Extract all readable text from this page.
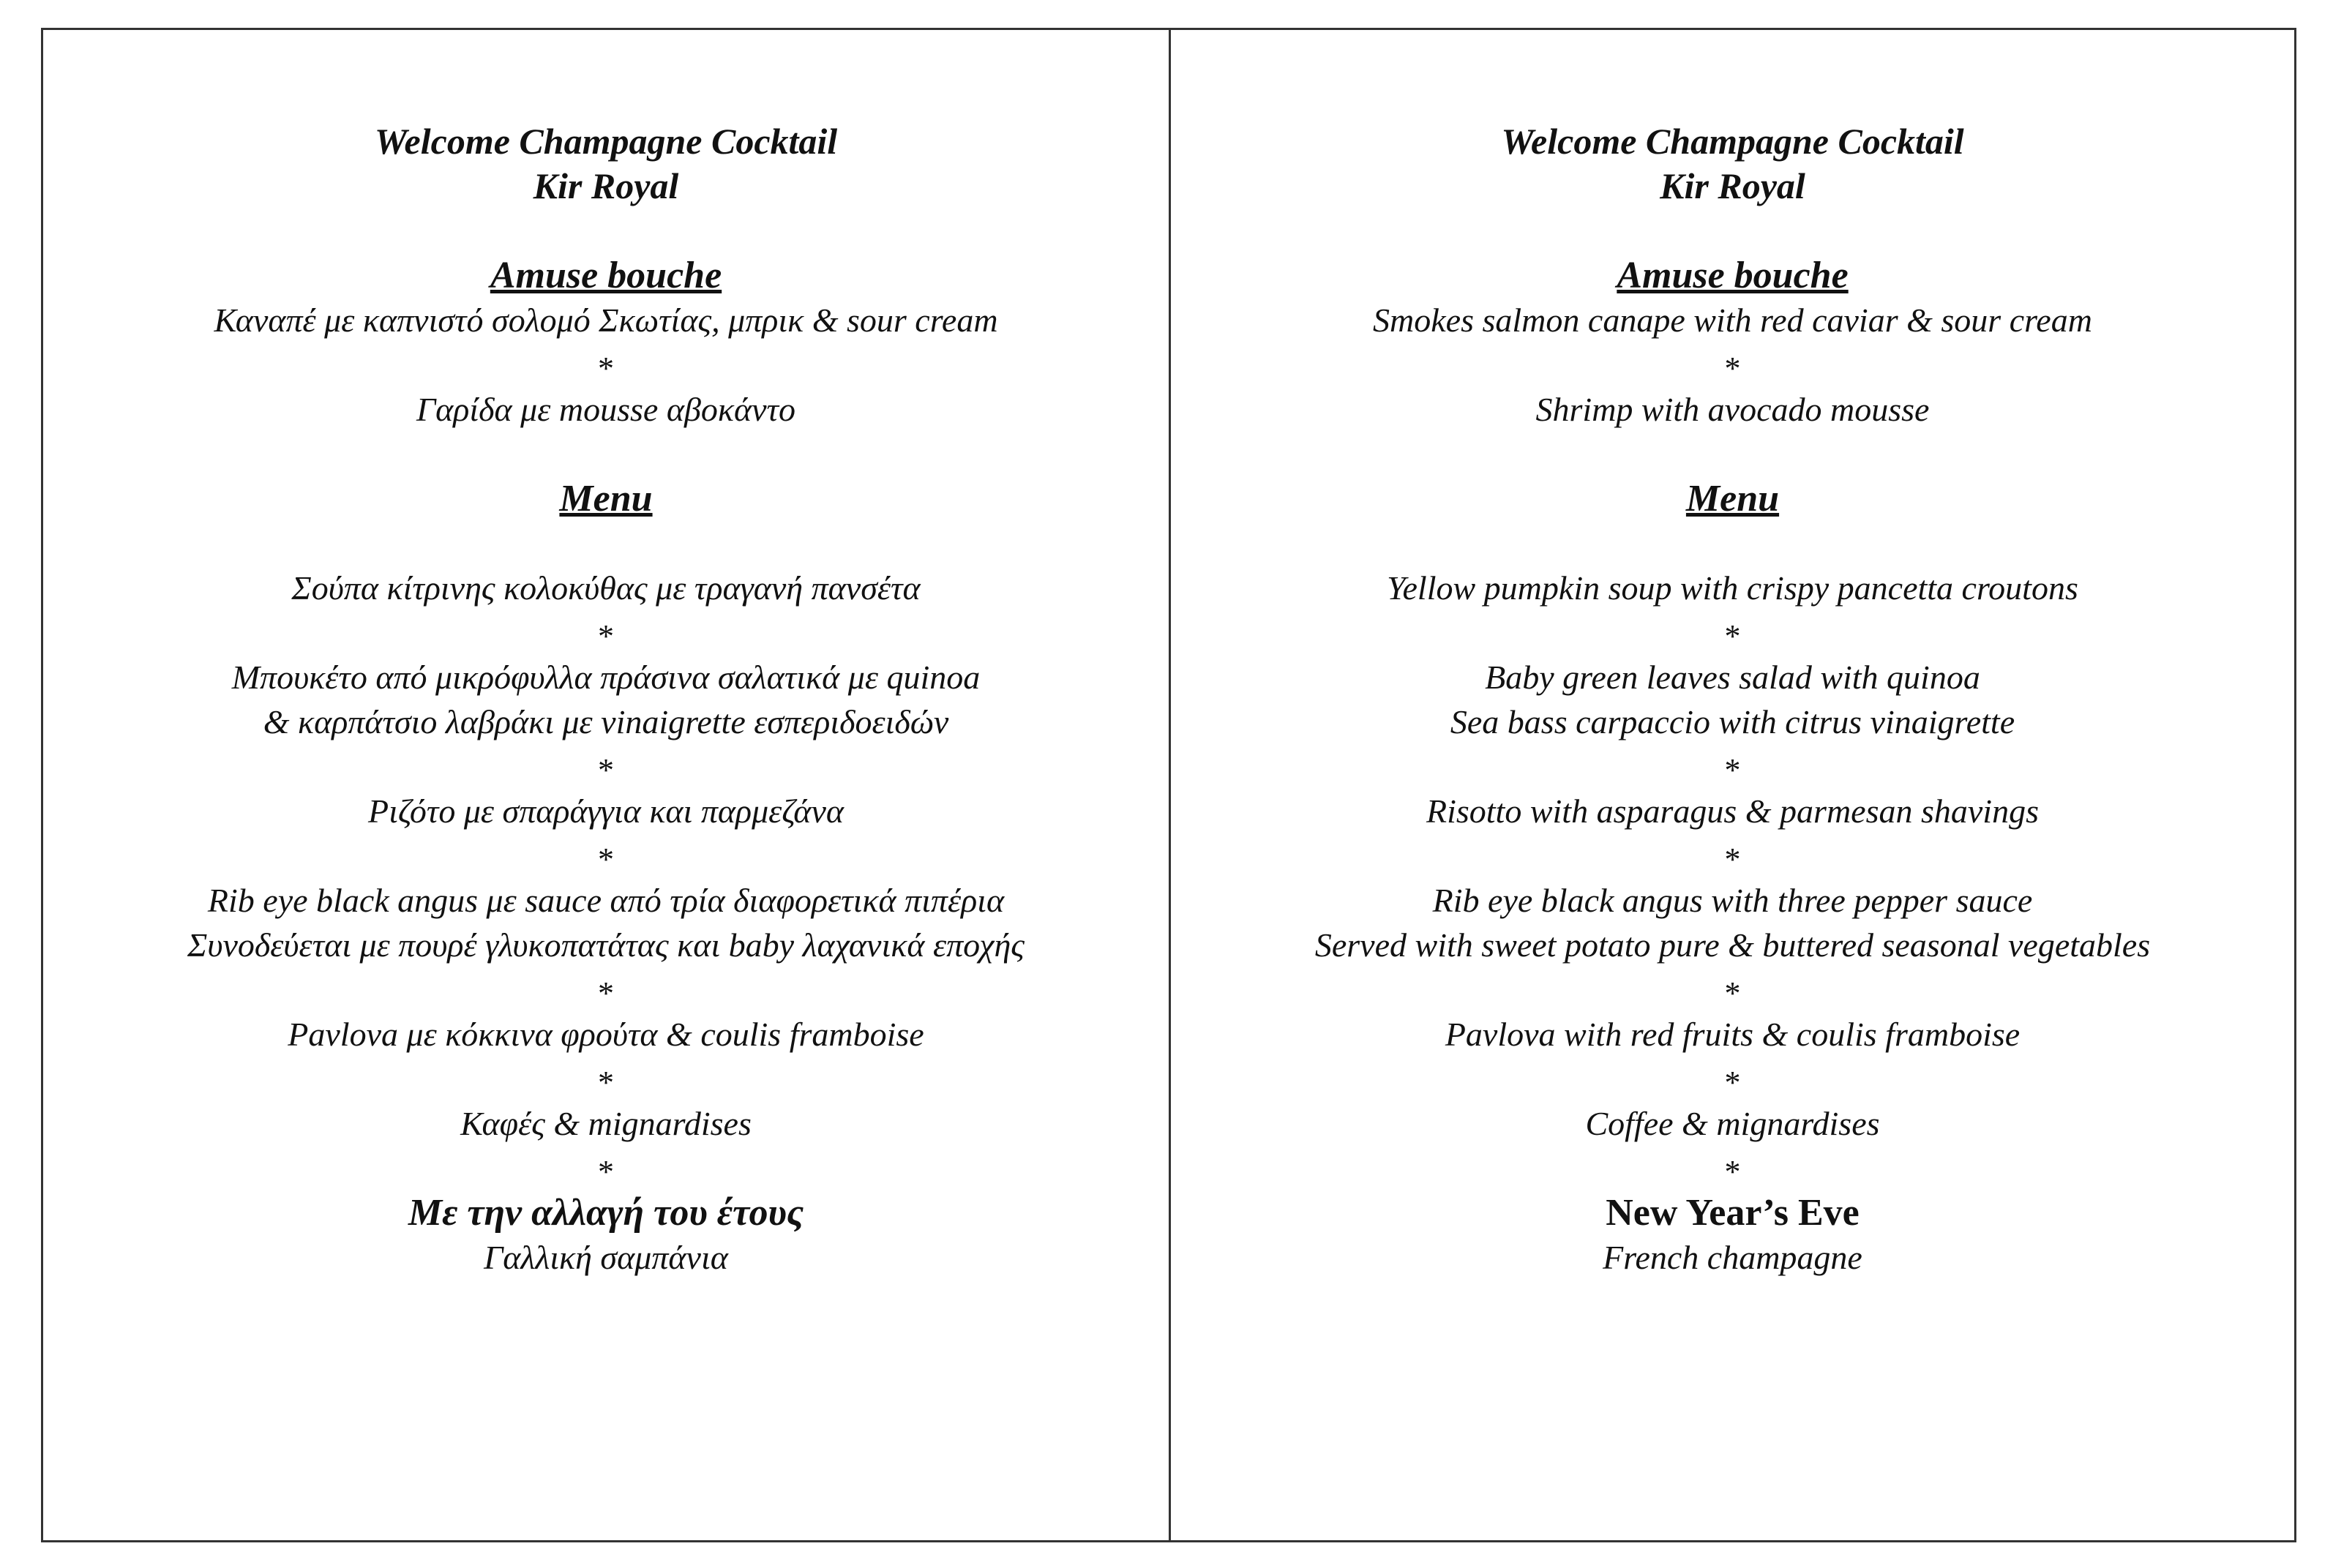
Welcome Champagne Cocktail
Kir Royal
Amuse bouche
Καναπέ με καπνιστό σολομό Σκωτίας, μπρικ & sour cream
*
Γαρίδα με mousse αβοκάντο
Menu
Σούπα κίτρινης κολοκύθας με τραγανή πανσέτα
*
Μπουκέτο από μικρόφυλλα πράσινα σαλατικά με quinoa
& καρπάτσιο λαβράκι με vinaigrette εσπεριδοειδών
*
Ριζότο με σπαράγγια και παρμεζάνα
*
Rib eye black angus με sauce από τρία διαφορετικά πιπέρια
Συνοδεύεται με πουρέ γλυκοπατάτας και baby λαχανικά εποχής
*
Pavlova με κόκκινα φρούτα & coulis framboise
*
Καφές & mignardises
*
Με την αλλαγή του έτους
Γαλλική σαμπάνια
Welcome Champagne Cocktail
Kir Royal
Amuse bouche
Smokes salmon canape with red caviar & sour cream
*
Shrimp with avocado mousse
Menu
Yellow pumpkin soup with crispy pancetta croutons
*
Baby green leaves salad with quinoa
Sea bass carpaccio with citrus vinaigrette
*
Risotto with asparagus & parmesan shavings
*
Rib eye black angus with three pepper sauce
Served with sweet potato pure & buttered seasonal vegetables
*
Pavlova with red fruits & coulis framboise
*
Coffee & mignardises
*
New Year’s Eve
French champagne
